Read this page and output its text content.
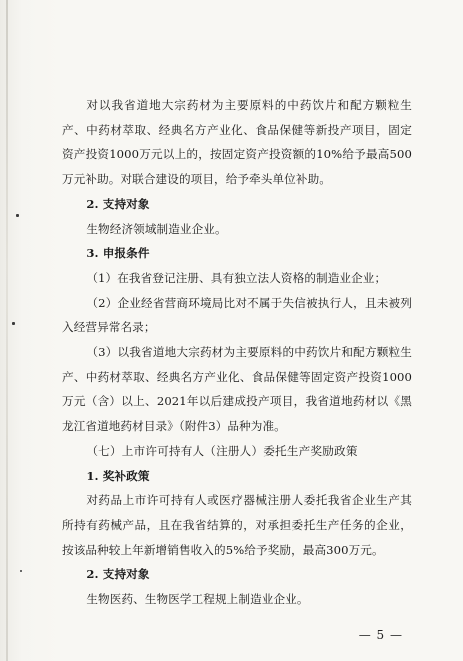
对以我省道地大宗药材为主要原料的中药饮片和配方颗粒生产、中药材萃取、经典名方产业化、食品保健等新投产项目，固定资产投资1000万元以上的，按固定资产投资额的10%给予最高500万元补助。对联合建设的项目，给予牵头单位补助。

2. 支持对象

生物经济领域制造业企业。

3. 申报条件

（1）在我省登记注册、具有独立法人资格的制造业企业；

（2）企业经省营商环境局比对不属于失信被执行人，且未被列入经营异常名录；

（3）以我省道地大宗药材为主要原料的中药饮片和配方颗粒生产、中药材萃取、经典名方产业化、食品保健等固定资产投资1000万元（含）以上、2021年以后建成投产项目，我省道地药材以《黑龙江省道地药材目录》（附件3）品种为准。

（七）上市许可持有人（注册人）委托生产奖励政策

1. 奖补政策

对药品上市许可持有人或医疗器械注册人委托我省企业生产其所持有药械产品，且在我省结算的，对承担委托生产任务的企业，按该品种较上年新增销售收入的5%给予奖励，最高300万元。

2. 支持对象

生物医药、生物医学工程规上制造业企业。

— 5 —
